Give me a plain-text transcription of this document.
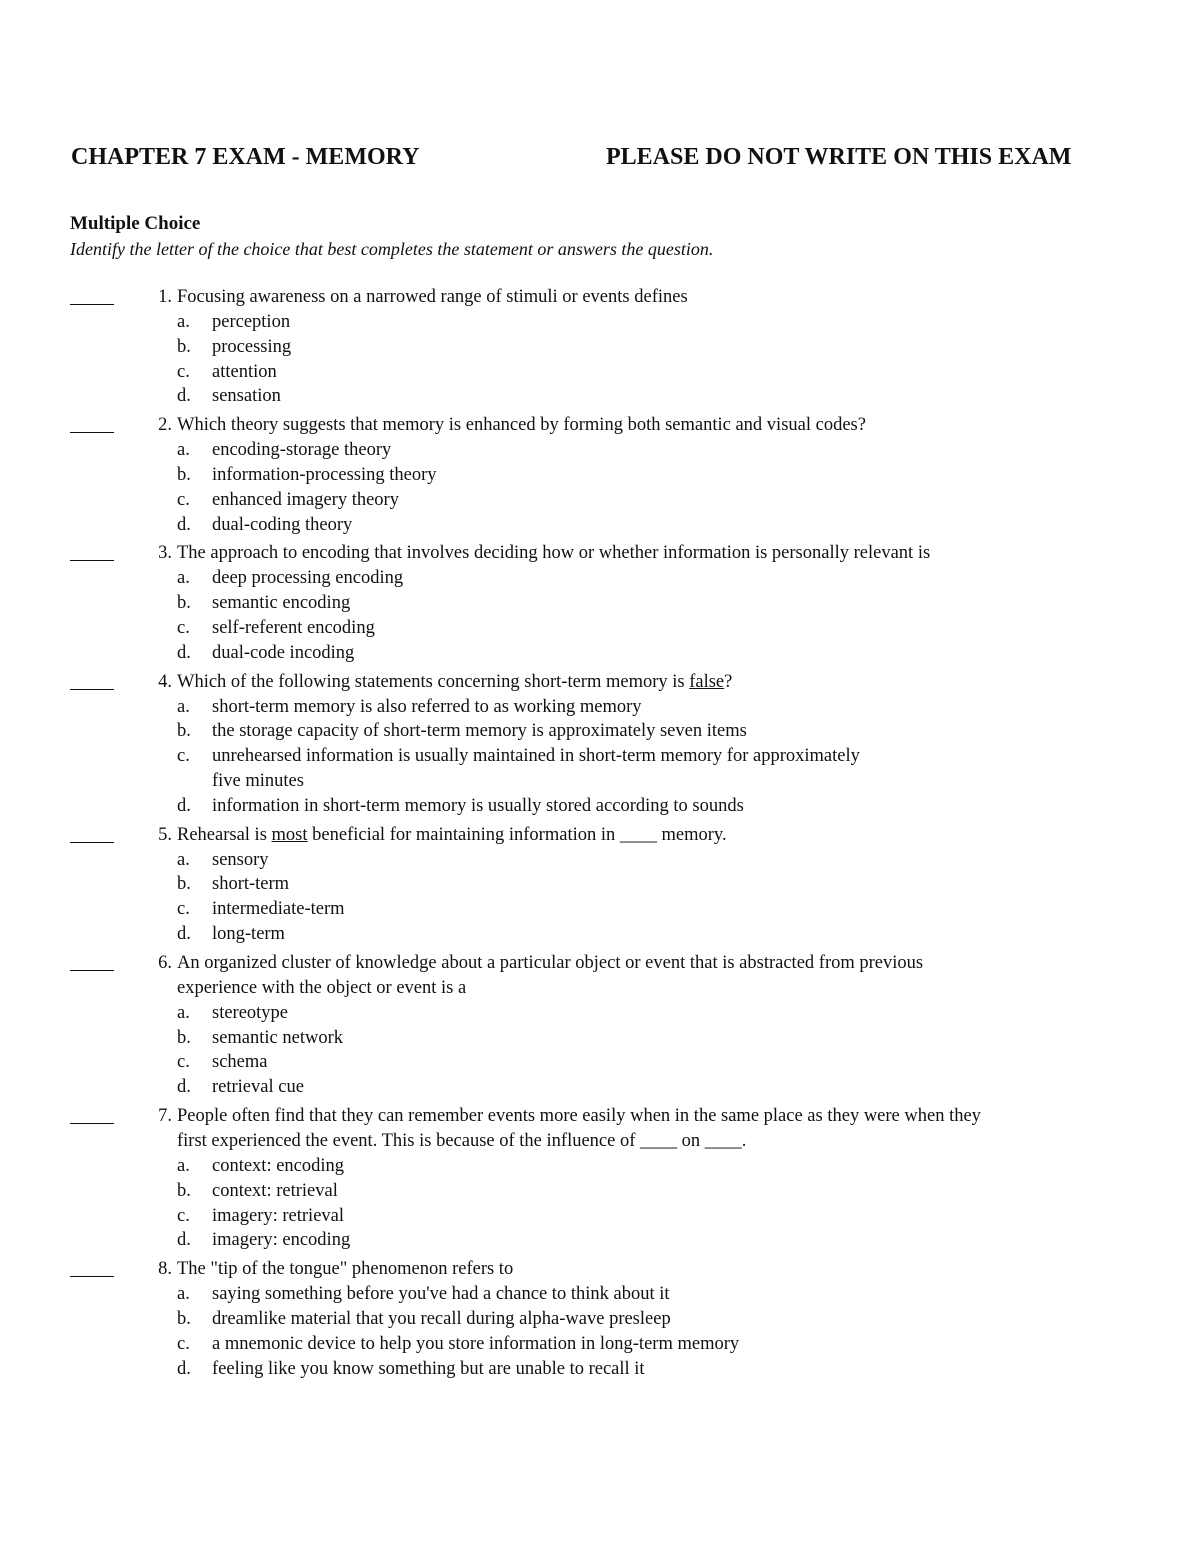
CHAPTER 7 EXAM - MEMORY	PLEASE DO NOT WRITE ON THIS EXAM
Multiple Choice
Identify the letter of the choice that best completes the statement or answers the question.
1. Focusing awareness on a narrowed range of stimuli or events defines
a. perception
b. processing
c. attention
d. sensation
2. Which theory suggests that memory is enhanced by forming both semantic and visual codes?
a. encoding-storage theory
b. information-processing theory
c. enhanced imagery theory
d. dual-coding theory
3. The approach to encoding that involves deciding how or whether information is personally relevant is
a. deep processing encoding
b. semantic encoding
c. self-referent encoding
d. dual-code incoding
4. Which of the following statements concerning short-term memory is false?
a. short-term memory is also referred to as working memory
b. the storage capacity of short-term memory is approximately seven items
c. unrehearsed information is usually maintained in short-term memory for approximately
five minutes
d. information in short-term memory is usually stored according to sounds
5. Rehearsal is most beneficial for maintaining information in ____ memory.
a. sensory
b. short-term
c. intermediate-term
d. long-term
6. An organized cluster of knowledge about a particular object or event that is abstracted from previous
experience with the object or event is a
a. stereotype
b. semantic network
c. schema
d. retrieval cue
7. People often find that they can remember events more easily when in the same place as they were when they
first experienced the event. This is because of the influence of ____ on ____.
a. context: encoding
b. context: retrieval
c. imagery: retrieval
d. imagery: encoding
8. The "tip of the tongue" phenomenon refers to
a. saying something before you've had a chance to think about it
b. dreamlike material that you recall during alpha-wave presleep
c. a mnemonic device to help you store information in long-term memory
d. feeling like you know something but are unable to recall it
